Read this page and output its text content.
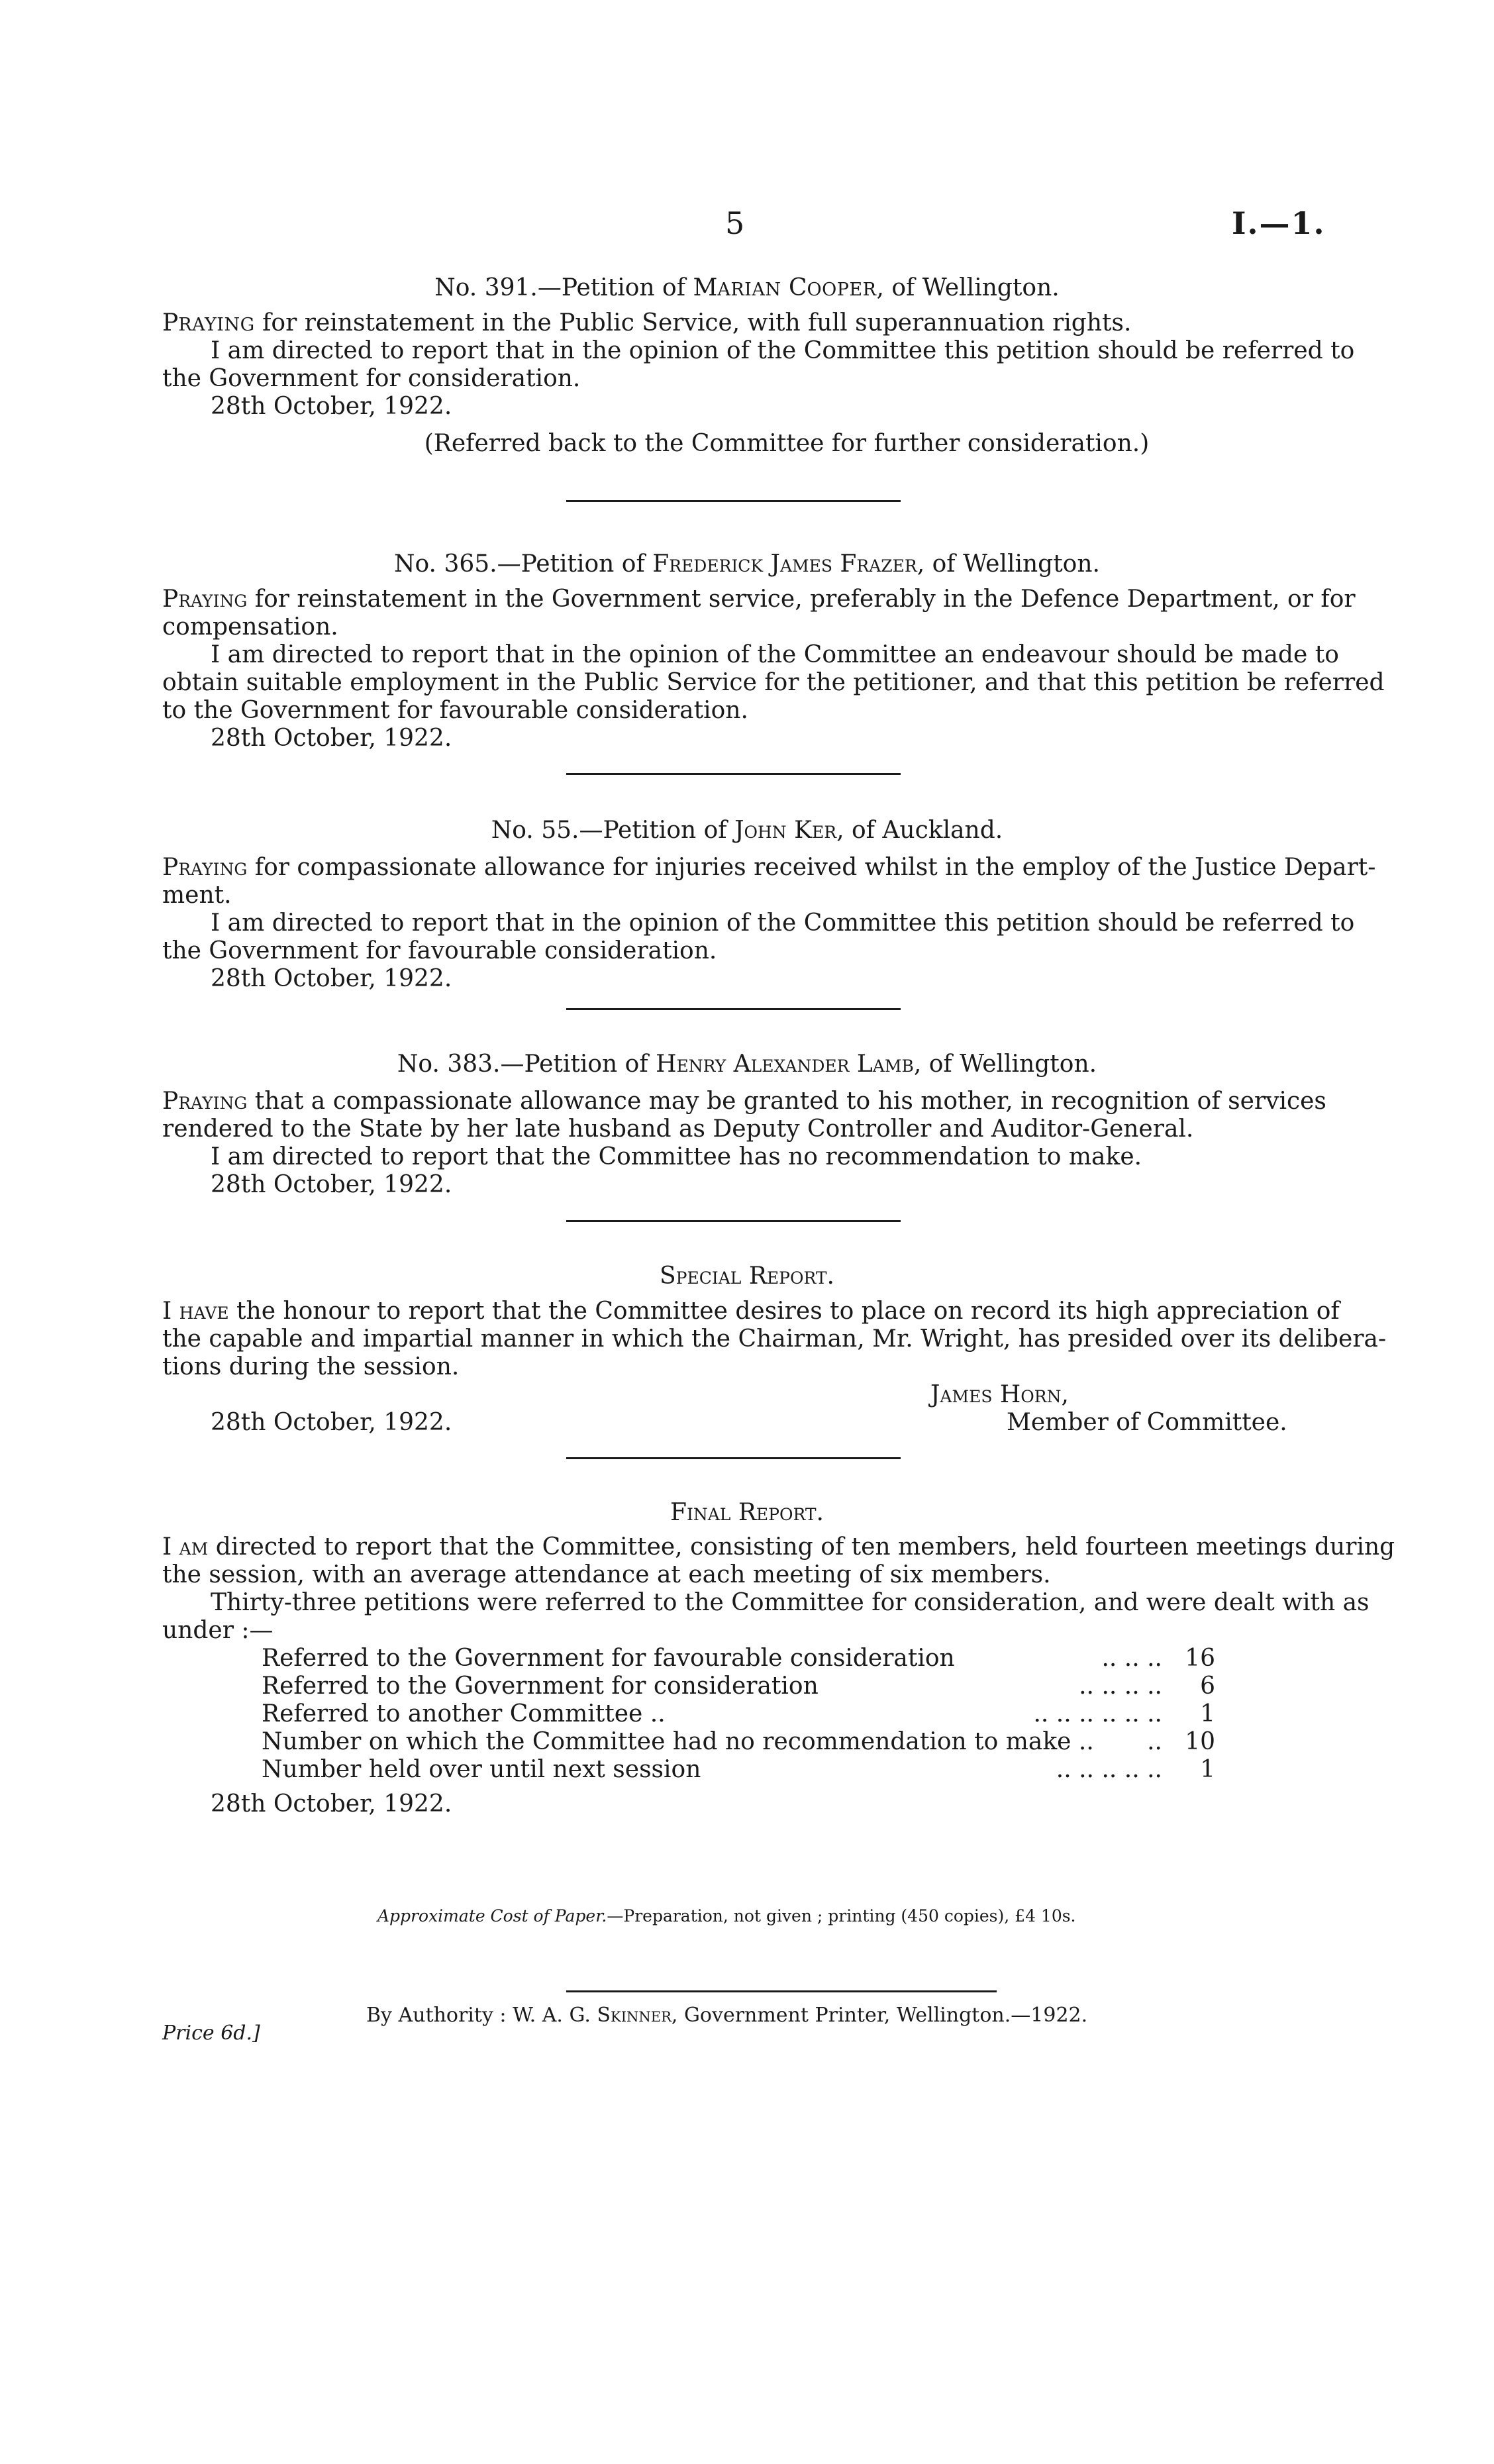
5	I.—1.
No. 391.—Petition of MARIAN COOPER, of Wellington.
PRAYING for reinstatement in the Public Service, with full superannuation rights.
I am directed to report that in the opinion of the Committee this petition should be referred to
the Government for consideration.
28th October, 1922.
(Referred back to the Committee for further consideration.)
No. 365.—Petition of Frederick James Frazer, of Wellington.
Praying for reinstatement in the Government service, preferably in the Defence Department, or for
compensation.
I am directed to report that in the opinion of the Committee an endeavour should be made to
obtain suitable employment in the Public Service for the petitioner, and that this petition be referred
to the Government for favourable consideration.
28th October, 1922.
No. 55.—Petition of John Ker, of Auckland.
Praying for compassionate allowance for injuries received whilst in the employ of the Justice Depart-
ment.
I am directed to report that in the opinion of the Committee this petition should be referred to
the Government for favourable consideration.
28th October, 1922.
No. 383.—Petition of Henry Alexander Lamb, of Wellington.
Praying that a compassionate allowance may be granted to his mother, in recognition of services
rendered to the State by her late husband as Deputy Controller and Auditor-General.
I am directed to report that the Committee has no recommendation to make.
28th October, 1922.
Special Report.
I have the honour to report that the Committee desires to place on record its high appreciation of
the capable and impartial manner in which the Chairman, Mr. Wright, has presided over its delibera-
tions during the session.
James Horn,
28th October, 1922.	Member of Committee.
Final Report.
I am directed to report that the Committee, consisting of ten members, held fourteen meetings during
the session, with an average attendance at each meeting of six members.
Thirty-three petitions were referred to the Committee for consideration, and were dealt with as
under :—
Referred to the Government for favourable consideration	.. .. .. 16
Referred to the Government for consideration	.. .. .. ..	6
Referred to another Committee ..	.. .. .. .. .. ..	1
Number on which the Committee had no recommendation to make ..	.. 10
Number held over until next session	.. .. .. .. ..	1
28th October, 1922.
Approximate Cost of Paper.—Preparation, not given ; printing (450 copies), £4 10s.
By Authority : W. A. G. Skinner, Government Printer, Wellington.—1922.
Price 6d.]
